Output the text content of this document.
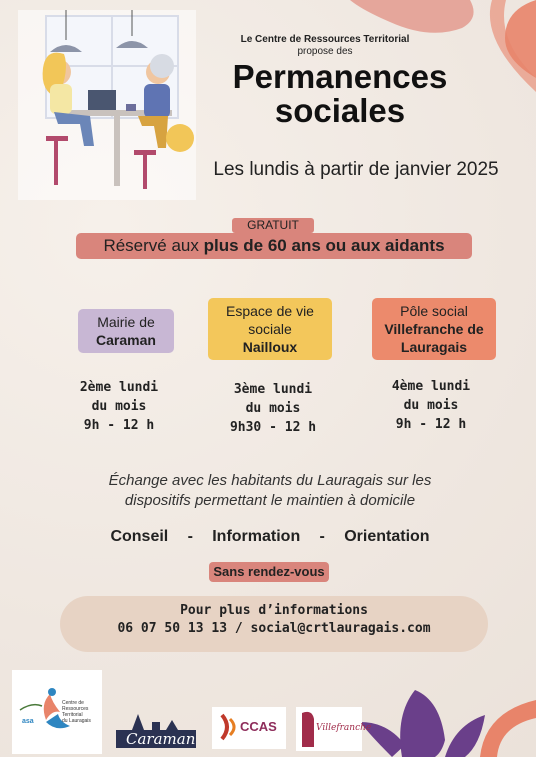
Le Centre de Ressources Territorial
propose des
Permanences
sociales
Les lundis à partir de janvier 2025
GRATUIT
Réservé aux plus de 60 ans ou aux aidants
Mairie de
Caraman
Espace de vie sociale
Nailloux
Pôle social
Villefranche de Lauragais
2ème lundi
du mois
9h - 12 h
3ème lundi
du mois
9h30 - 12 h
4ème lundi
du mois
9h - 12 h
Échange avec les habitants du Lauragais sur les
dispositifs permettant le maintien à domicile
Conseil   -   Information   -   Orientation
Sans rendez-vous
Pour plus d’informations
06 07 50 13 13 / social@crtlauragais.com
Centre de
Ressources
Territorial
du Lauragais
asa
Caraman
CCAS	Villefranche
